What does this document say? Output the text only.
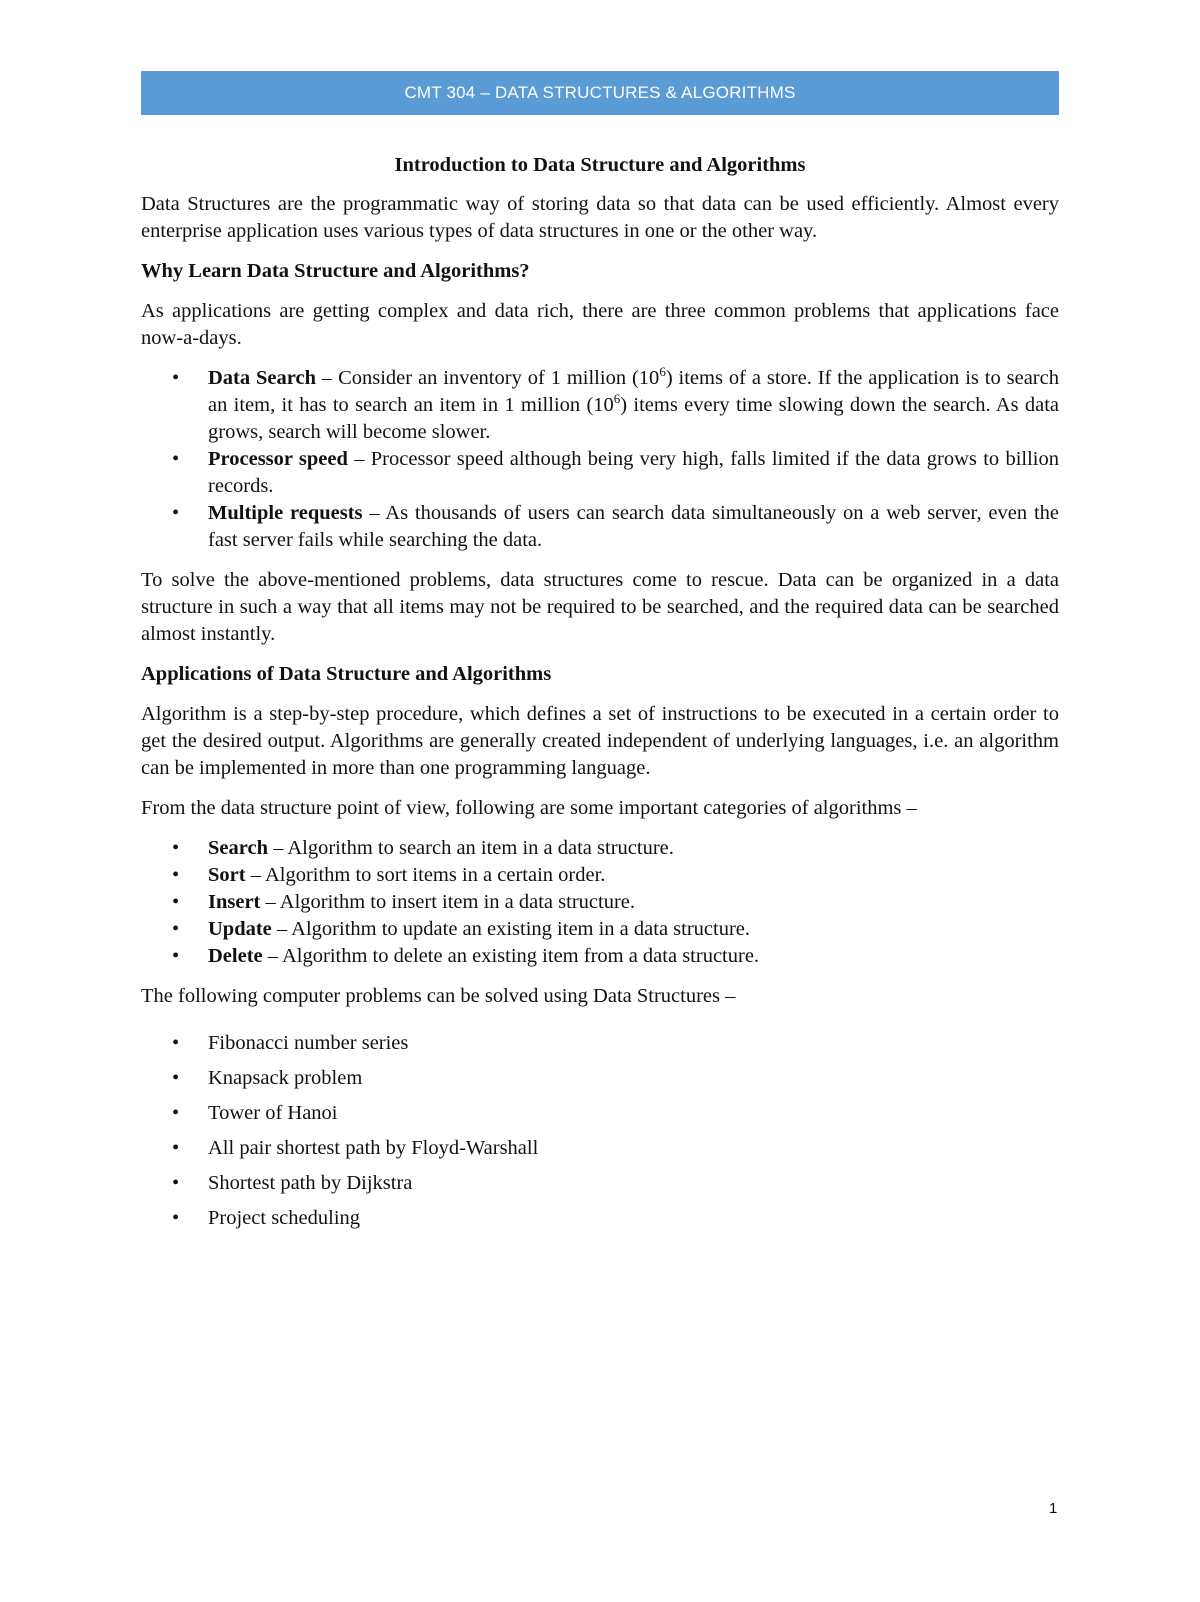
CMT 304 – DATA STRUCTURES & ALGORITHMS
Introduction to Data Structure and Algorithms

Data Structures are the programmatic way of storing data so that data can be used efficiently. Almost every enterprise application uses various types of data structures in one or the other way.

Why Learn Data Structure and Algorithms?

As applications are getting complex and data rich, there are three common problems that applications face now-a-days.

• Data Search – Consider an inventory of 1 million $(10^6)$ items of a store. If the application is to search an item, it has to search an item in 1 million $(10^6)$ items every time slowing down the search. As data grows, search will become slower.
• Processor speed – Processor speed although being very high, falls limited if the data grows to billion records.
• Multiple requests – As thousands of users can search data simultaneously on a web server, even the fast server fails while searching the data.

To solve the above-mentioned problems, data structures come to rescue. Data can be organized in a data structure in such a way that all items may not be required to be searched, and the required data can be searched almost instantly.

Applications of Data Structure and Algorithms

Algorithm is a step-by-step procedure, which defines a set of instructions to be executed in a certain order to get the desired output. Algorithms are generally created independent of underlying languages, i.e. an algorithm can be implemented in more than one programming language.

From the data structure point of view, following are some important categories of algorithms –

• Search – Algorithm to search an item in a data structure.
• Sort – Algorithm to sort items in a certain order.
• Insert – Algorithm to insert item in a data structure.
• Update – Algorithm to update an existing item in a data structure.
• Delete – Algorithm to delete an existing item from a data structure.

The following computer problems can be solved using Data Structures –

• Fibonacci number series
• Knapsack problem
• Tower of Hanoi
• All pair shortest path by Floyd-Warshall
• Shortest path by Dijkstra
• Project scheduling
1
